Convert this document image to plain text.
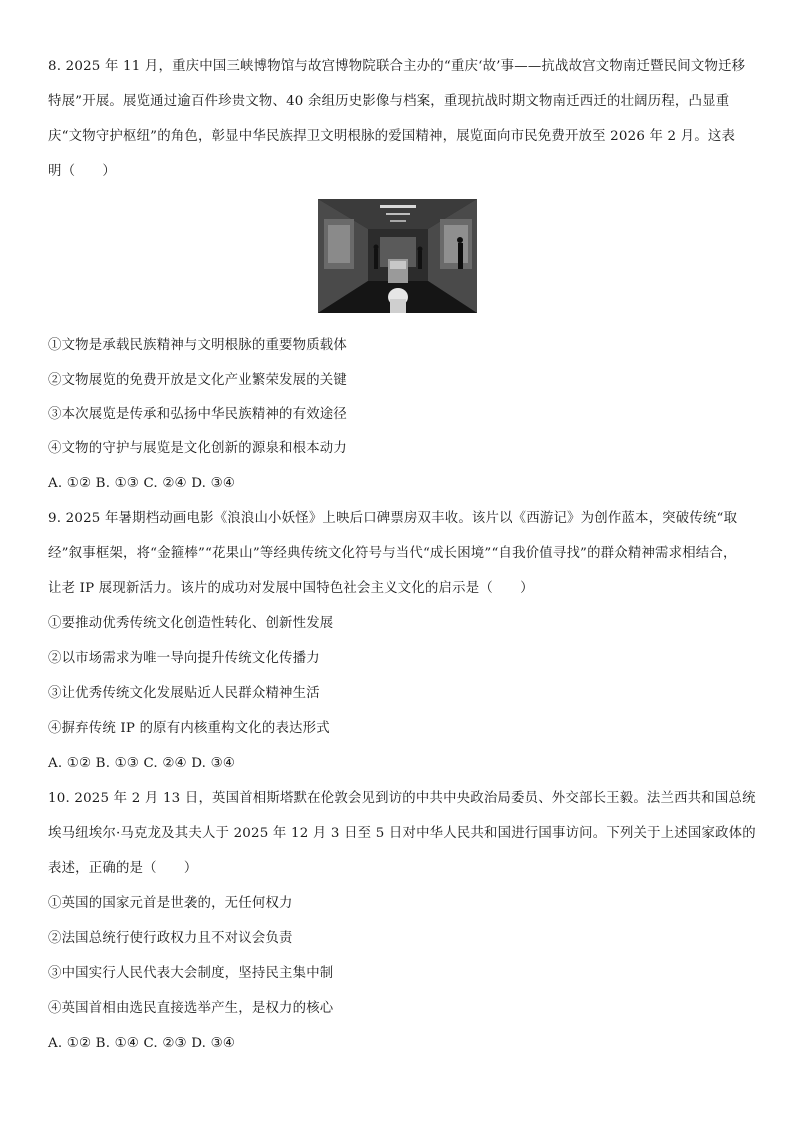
8. 2025 年 11 月，重庆中国三峡博物馆与故宫博物院联合主办的“重庆‘故’事——抗战故宫文物南迁暨民间文物迁移
特展”开展。展览通过逾百件珍贵文物、40 余组历史影像与档案，重现抗战时期文物南迁西迁的壮阔历程，凸显重
庆“文物守护枢纽”的角色，彰显中华民族捍卫文明根脉的爱国精神，展览面向市民免费开放至 2026 年 2 月。这表
明（　　）
①文物是承载民族精神与文明根脉的重要物质载体
②文物展览的免费开放是文化产业繁荣发展的关键
③本次展览是传承和弘扬中华民族精神的有效途径
④文物的守护与展览是文化创新的源泉和根本动力
A. ①② B. ①③ C. ②④ D. ③④
9. 2025 年暑期档动画电影《浪浪山小妖怪》上映后口碑票房双丰收。该片以《西游记》为创作蓝本，突破传统“取
经”叙事框架，将“金箍棒”“花果山”等经典传统文化符号与当代“成长困境”“自我价值寻找”的群众精神需求相结合，
让老 IP 展现新活力。该片的成功对发展中国特色社会主义文化的启示是（　　）
①要推动优秀传统文化创造性转化、创新性发展
②以市场需求为唯一导向提升传统文化传播力
③让优秀传统文化发展贴近人民群众精神生活
④摒弃传统 IP 的原有内核重构文化的表达形式
A. ①② B. ①③ C. ②④ D. ③④
10. 2025 年 2 月 13 日，英国首相斯塔默在伦敦会见到访的中共中央政治局委员、外交部长王毅。法兰西共和国总统
埃马纽埃尔·马克龙及其夫人于 2025 年 12 月 3 日至 5 日对中华人民共和国进行国事访问。下列关于上述国家政体的
表述，正确的是（　　）
①英国的国家元首是世袭的，无任何权力
②法国总统行使行政权力且不对议会负责
③中国实行人民代表大会制度，坚持民主集中制
④英国首相由选民直接选举产生，是权力的核心
A. ①② B. ①④ C. ②③ D. ③④
